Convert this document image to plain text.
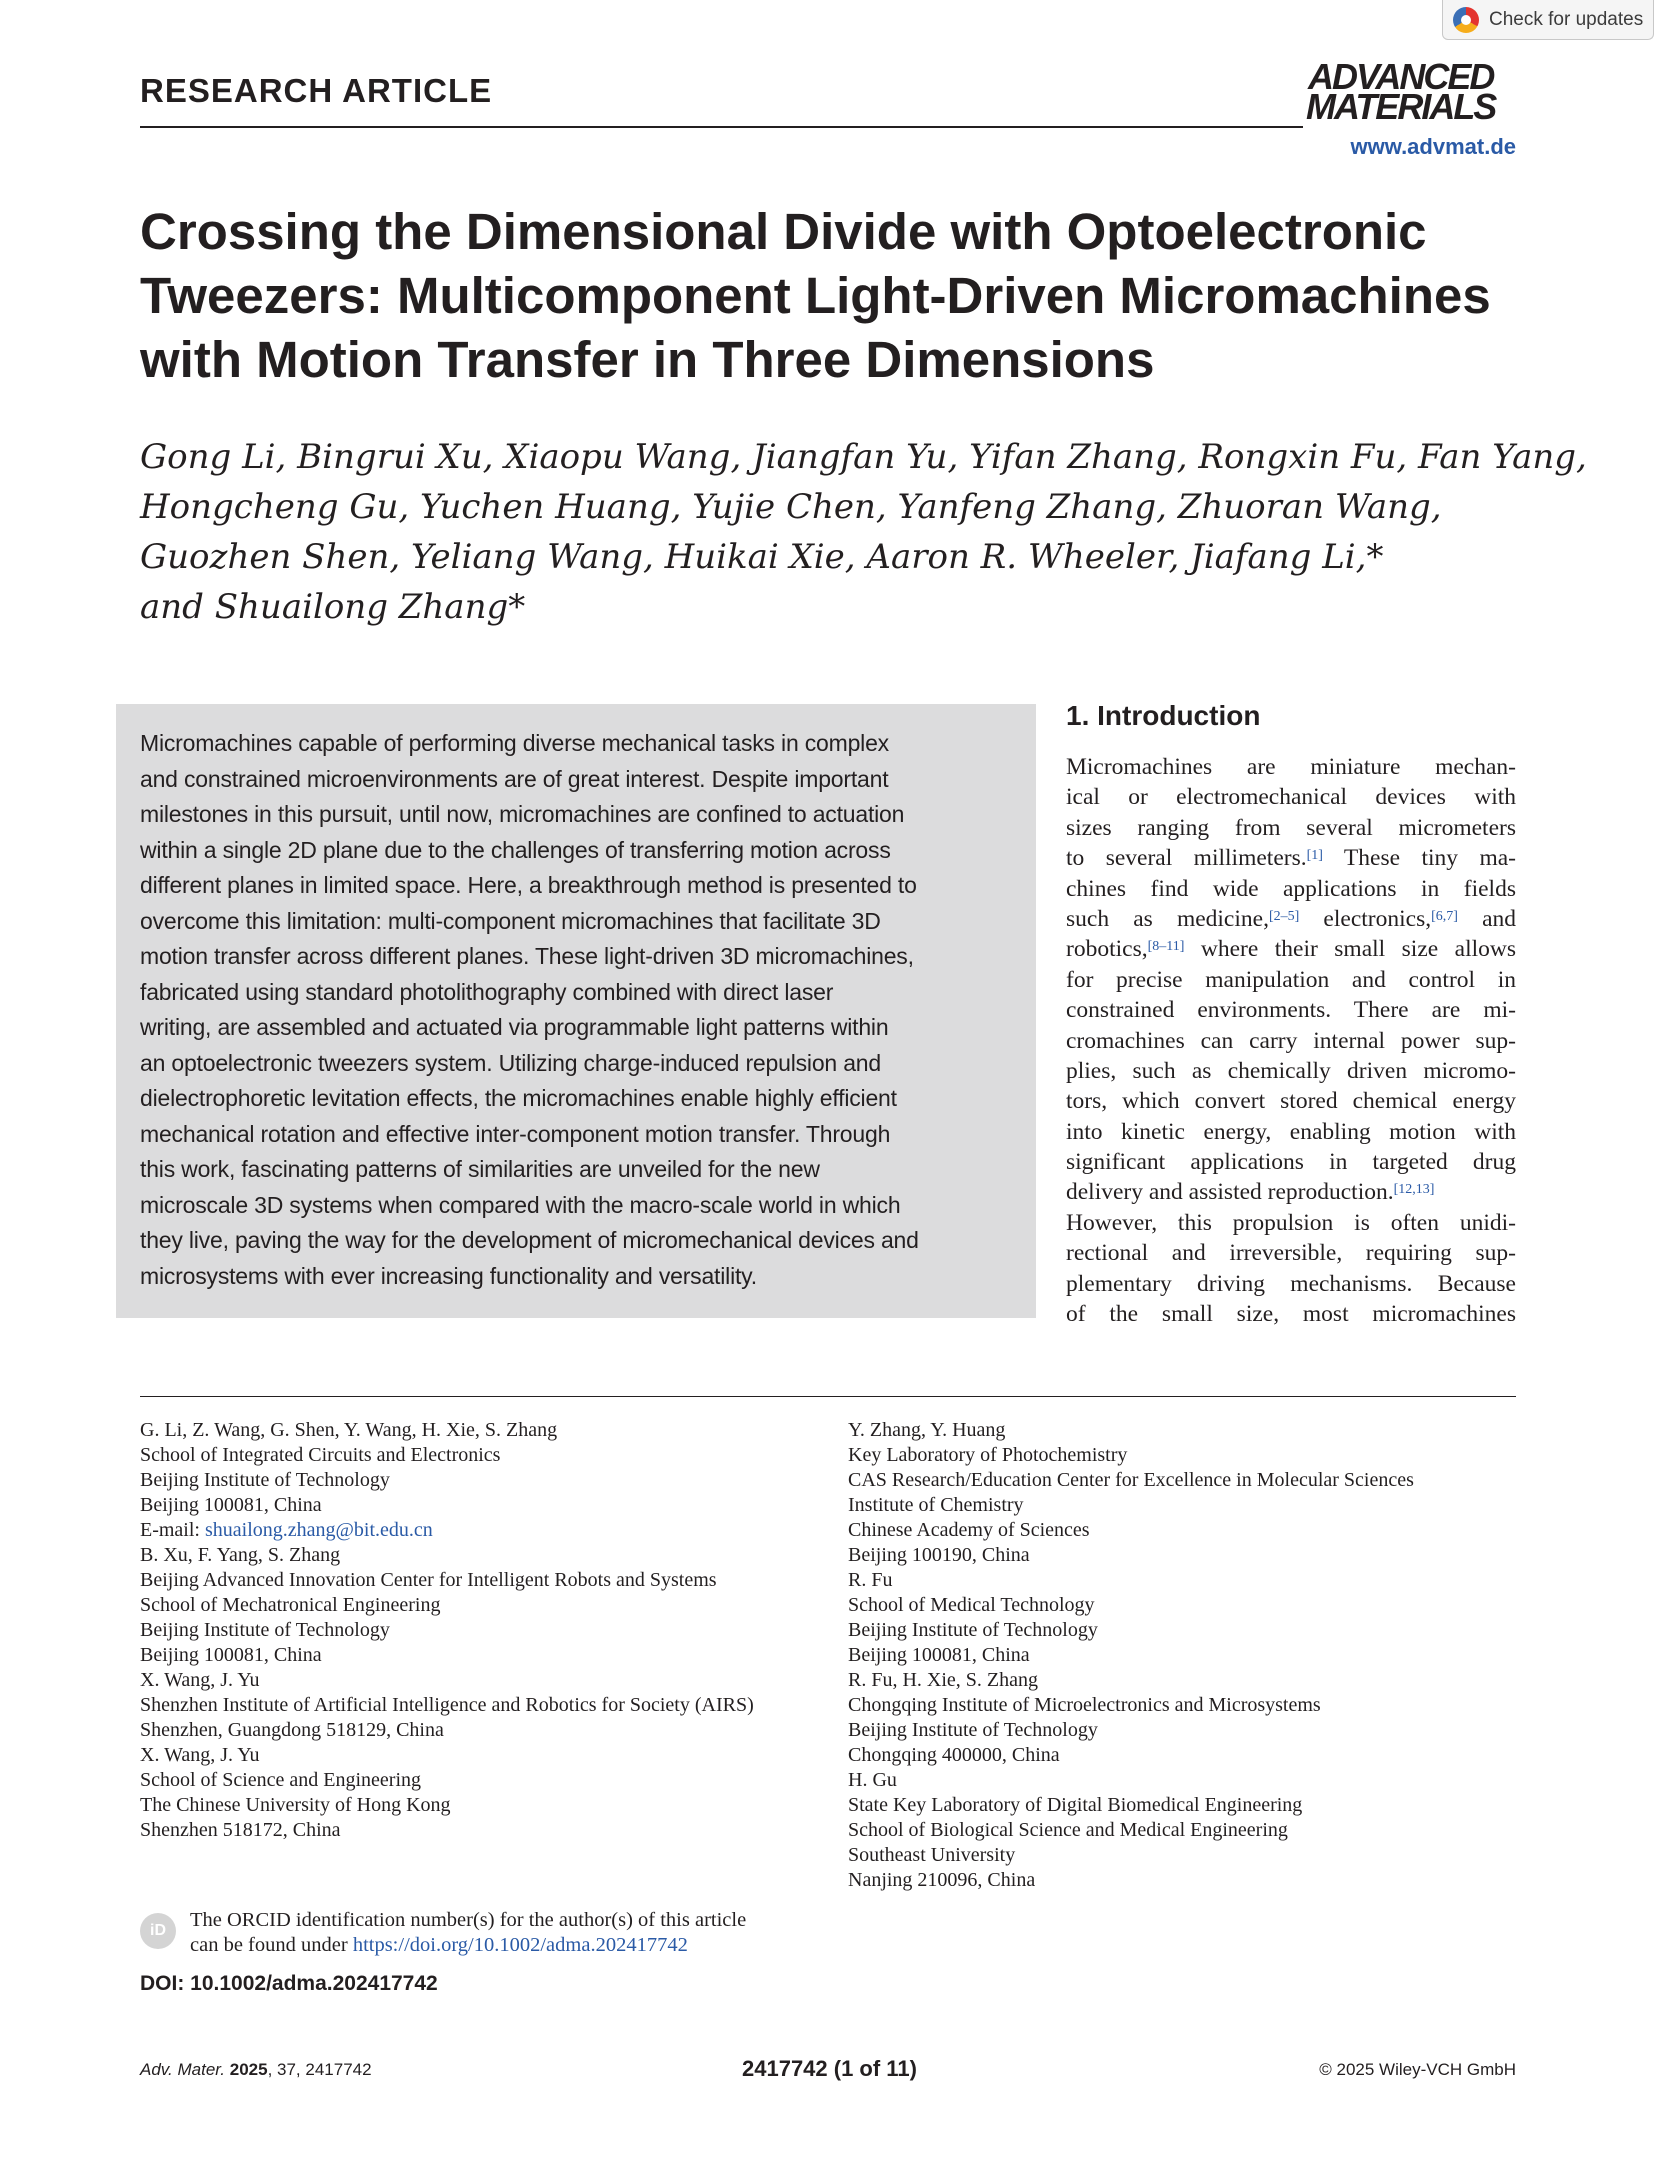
Check for updates
RESEARCH ARTICLE	ADVANCED
MATERIALS
www.advmat.de
Crossing the Dimensional Divide with Optoelectronic
Tweezers: Multicomponent Light-Driven Micromachines
with Motion Transfer in Three Dimensions
Gong Li, Bingrui Xu, Xiaopu Wang, Jiangfan Yu, Yifan Zhang, Rongxin Fu, Fan Yang,
Hongcheng Gu, Yuchen Huang, Yujie Chen, Yanfeng Zhang, Zhuoran Wang,
Guozhen Shen, Yeliang Wang, Huikai Xie, Aaron R. Wheeler, Jiafang Li,*
and Shuailong Zhang*
Micromachines capable of performing diverse mechanical tasks in complex
and constrained microenvironments are of great interest. Despite important
milestones in this pursuit, until now, micromachines are confined to actuation
within a single 2D plane due to the challenges of transferring motion across
different planes in limited space. Here, a breakthrough method is presented to
overcome this limitation: multi-component micromachines that facilitate 3D
motion transfer across different planes. These light-driven 3D micromachines,
fabricated using standard photolithography combined with direct laser
writing, are assembled and actuated via programmable light patterns within
an optoelectronic tweezers system. Utilizing charge-induced repulsion and
dielectrophoretic levitation effects, the micromachines enable highly efficient
mechanical rotation and effective inter-component motion transfer. Through
this work, fascinating patterns of similarities are unveiled for the new
microscale 3D systems when compared with the macro-scale world in which
they live, paving the way for the development of micromechanical devices and
microsystems with ever increasing functionality and versatility.
1. Introduction
Micromachines are miniature mechan-
ical or electromechanical devices with
sizes ranging from several micrometers
to several millimeters.[1] These tiny ma-
chines find wide applications in fields
such as medicine,[2–5] electronics,[6,7] and
robotics,[8–11] where their small size allows
for precise manipulation and control in
constrained environments. There are mi-
cromachines can carry internal power sup-
plies, such as chemically driven micromo-
tors, which convert stored chemical energy
into kinetic energy, enabling motion with
significant applications in targeted drug
delivery and assisted reproduction.[12,13]
However, this propulsion is often unidi-
rectional and irreversible, requiring sup-
plementary driving mechanisms. Because
of the small size, most micromachines
G. Li, Z. Wang, G. Shen, Y. Wang, H. Xie, S. Zhang
School of Integrated Circuits and Electronics
Beijing Institute of Technology
Beijing 100081, China
E-mail: shuailong.zhang@bit.edu.cn
B. Xu, F. Yang, S. Zhang
Beijing Advanced Innovation Center for Intelligent Robots and Systems
School of Mechatronical Engineering
Beijing Institute of Technology
Beijing 100081, China
X. Wang, J. Yu
Shenzhen Institute of Artificial Intelligence and Robotics for Society (AIRS)
Shenzhen, Guangdong 518129, China
X. Wang, J. Yu
School of Science and Engineering
The Chinese University of Hong Kong
Shenzhen 518172, China
Y. Zhang, Y. Huang
Key Laboratory of Photochemistry
CAS Research/Education Center for Excellence in Molecular Sciences
Institute of Chemistry
Chinese Academy of Sciences
Beijing 100190, China
R. Fu
School of Medical Technology
Beijing Institute of Technology
Beijing 100081, China
R. Fu, H. Xie, S. Zhang
Chongqing Institute of Microelectronics and Microsystems
Beijing Institute of Technology
Chongqing 400000, China
H. Gu
State Key Laboratory of Digital Biomedical Engineering
School of Biological Science and Medical Engineering
Southeast University
Nanjing 210096, China
iD	The ORCID identification number(s) for the author(s) of this article
can be found under https://doi.org/10.1002/adma.202417742
DOI: 10.1002/adma.202417742
Adv. Mater. 2025, 37, 2417742	2417742 (1 of 11)	© 2025 Wiley-VCH GmbH
